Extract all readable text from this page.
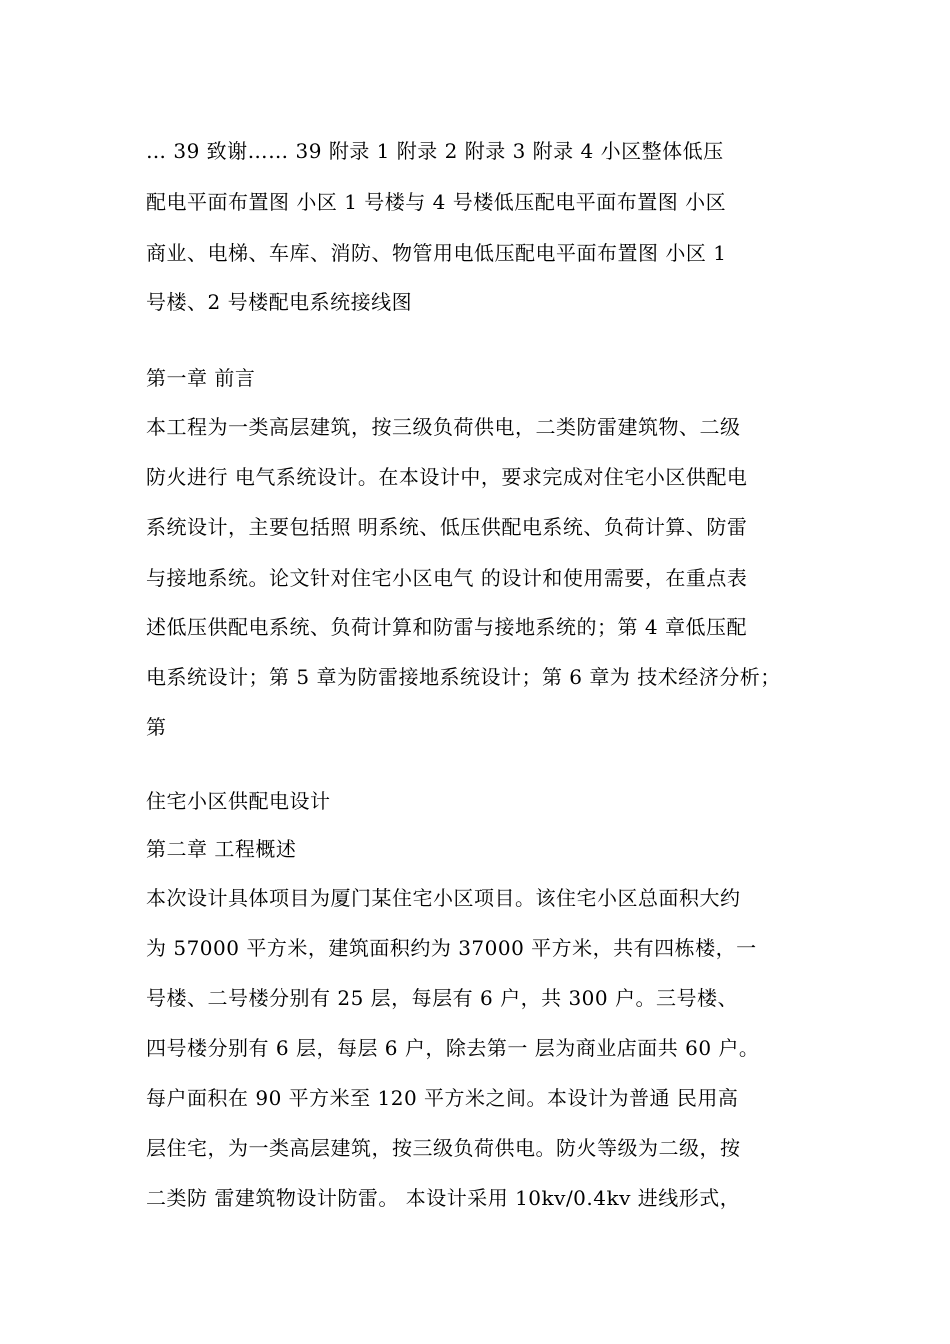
… 39 致谢…… 39 附录 1 附录 2 附录 3 附录 4 小区整体低压
配电平面布置图 小区 1 号楼与 4 号楼低压配电平面布置图 小区
商业、电梯、车库、消防、物管用电低压配电平面布置图 小区 1
号楼、2 号楼配电系统接线图
第一章 前言
本工程为一类高层建筑，按三级负荷供电，二类防雷建筑物、二级
防火进行 电气系统设计。在本设计中，要求完成对住宅小区供配电
系统设计，主要包括照 明系统、低压供配电系统、负荷计算、防雷
与接地系统。论文针对住宅小区电气 的设计和使用需要，在重点表
述低压供配电系统、负荷计算和防雷与接地系统的；第 4 章低压配
电系统设计；第 5 章为防雷接地系统设计；第 6 章为 技术经济分析；
第
住宅小区供配电设计
第二章 工程概述
本次设计具体项目为厦门某住宅小区项目。该住宅小区总面积大约
为 57000 平方米，建筑面积约为 37000 平方米，共有四栋楼，一
号楼、二号楼分别有 25 层，每层有 6 户，共 300 户。三号楼、
四号楼分别有 6 层，每层 6 户，除去第一 层为商业店面共 60 户。
每户面积在 90 平方米至 120 平方米之间。本设计为普通 民用高
层住宅，为一类高层建筑，按三级负荷供电。防火等级为二级，按
二类防 雷建筑物设计防雷。 本设计采用 10kv/0.4kv 进线形式，
